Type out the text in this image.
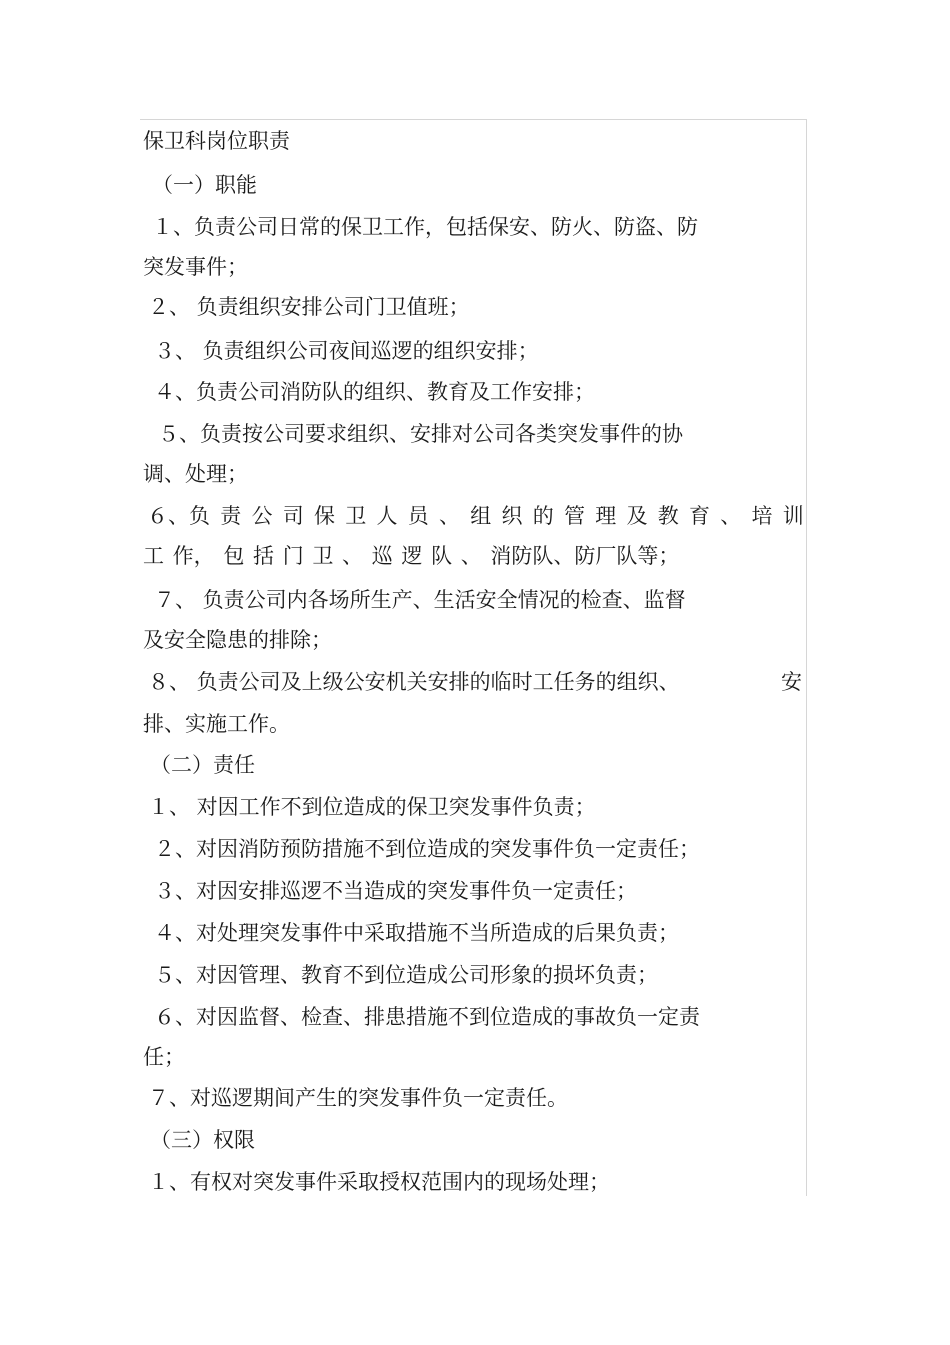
保卫科岗位职责
（一）职能
１、负责公司日常的保卫工作，包括保安、防火、防盗、防
突发事件；
２、 负责组织安排公司门卫值班；
３、 负责组织公司夜间巡逻的组织安排；
４、负责公司消防队的组织、教育及工作安排；
５、负责按公司要求组织、安排对公司各类突发事件的协
调、处理；
６、负 责 公 司 保 卫 人 员 、 组 织 的 管 理 及 教 育 、 培 训
工 作， 包 括 门 卫 、 巡 逻 队 、 消防队、防厂队等；
７、 负责公司内各场所生产、生活安全情况的检查、监督
及安全隐患的排除；
８、 负责公司及上级公安机关安排的临时工任务的组织、	安
排、实施工作。
（二）责任
１、 对因工作不到位造成的保卫突发事件负责；
２、对因消防预防措施不到位造成的突发事件负一定责任；
３、对因安排巡逻不当造成的突发事件负一定责任；
４、对处理突发事件中采取措施不当所造成的后果负责；
５、对因管理、教育不到位造成公司形象的损坏负责；
６、对因监督、检查、排患措施不到位造成的事故负一定责
任；
７、对巡逻期间产生的突发事件负一定责任。
（三）权限
１、有权对突发事件采取授权范围内的现场处理；
